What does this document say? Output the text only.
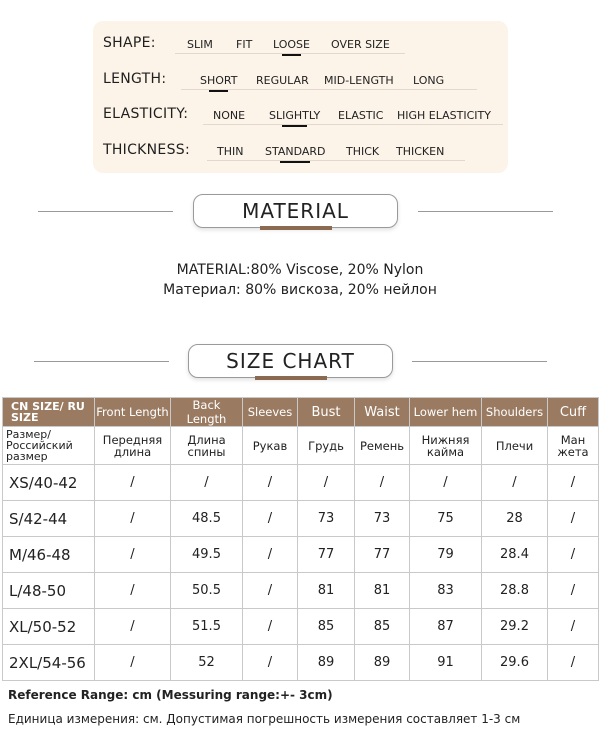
SHAPE:	SLIM FIT LOOSE OVER SIZE
LENGTH:	SHORT REGULAR MID-LENGTH LONG
ELASTICITY: NONE SLIGHTLY ELASTIC HIGH ELASTICITY
THICKNESS: THIN STANDARD THICK THICKEN
MATERIAL
MATERIAL:80% Viscose, 20% Nylon
Материал: 80% вискоза, 20% нейлон
SIZE CHART
CN SIZE/ RU SIZE	Front Length	Back Length	Sleeves	Bust	Waist	Lower hem	Shoulders	Cuff
Размер/ Российский размер	Передняя длина	Длина спины	Рукав	Грудь	Ремень	Нижняя кайма	Плечи	Ман жета
XS/40-42	/	/	/	/	/	/	/	/
S/42-44	/	48.5	/	73	73	75	28	/
M/46-48	/	49.5	/	77	77	79	28.4	/
L/48-50	/	50.5	/	81	81	83	28.8	/
XL/50-52	/	51.5	/	85	85	87	29.2	/
2XL/54-56	/	52	/	89	89	91	29.6	/
Reference Range: cm (Messuring range:+- 3cm)
Единица измерения: см. Допустимая погрешность измерения составляет 1-3 см
